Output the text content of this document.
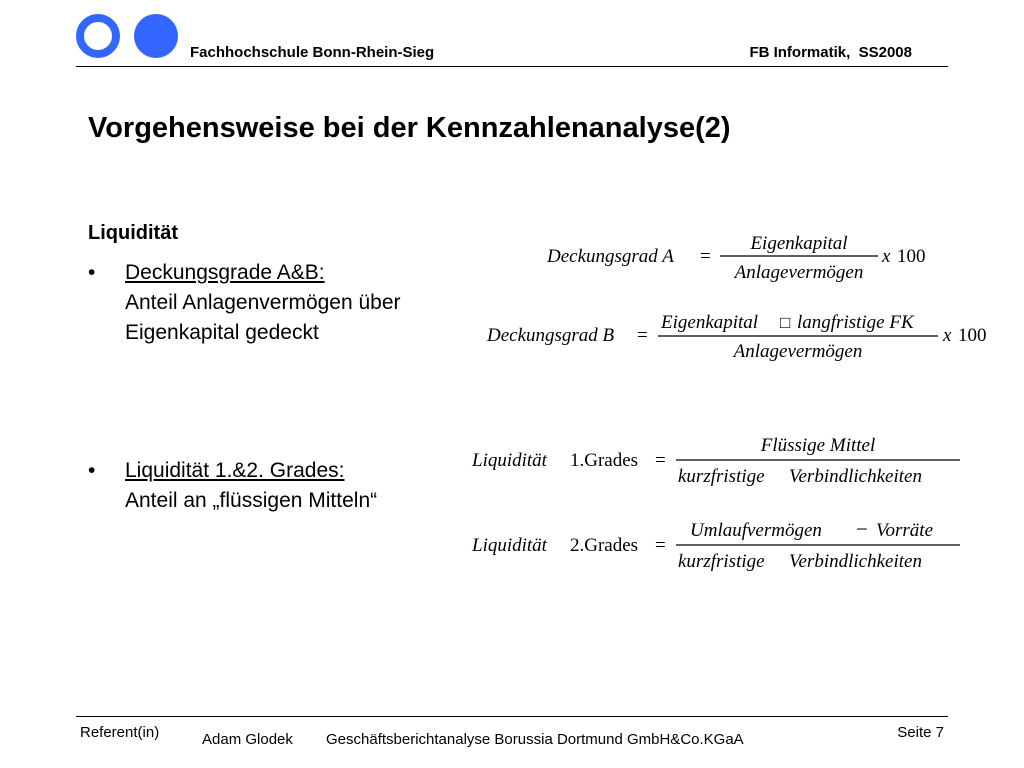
Fachhochschule Bonn-Rhein-Sieg	FB Informatik,  SS2008
Vorgehensweise bei der Kennzahlenanalyse(2)
Liquidität
• Deckungsgrade A&B:
Anteil Anlagenvermögen über
Eigenkapital gedeckt
• Liquidität 1.&2. Grades:
Anteil an „flüssigen Mitteln“
Deckungsgrad A =
Eigenkapital
Anlagevermögen
x 100
Deckungsgrad B =
Eigenkapital □ langfristige FK
Anlagevermögen
x 100
Liquidität 1.Grades =
Flüssige Mittel
kurzfristige Verbindlichkeiten
Liquidität 2.Grades =
Umlaufvermögen − Vorräte
kurzfristige Verbindlichkeiten
Referent(in)	Adam Glodek Geschäftsberichtanalyse Borussia Dortmund GmbH&Co.KGaA	Seite 7
